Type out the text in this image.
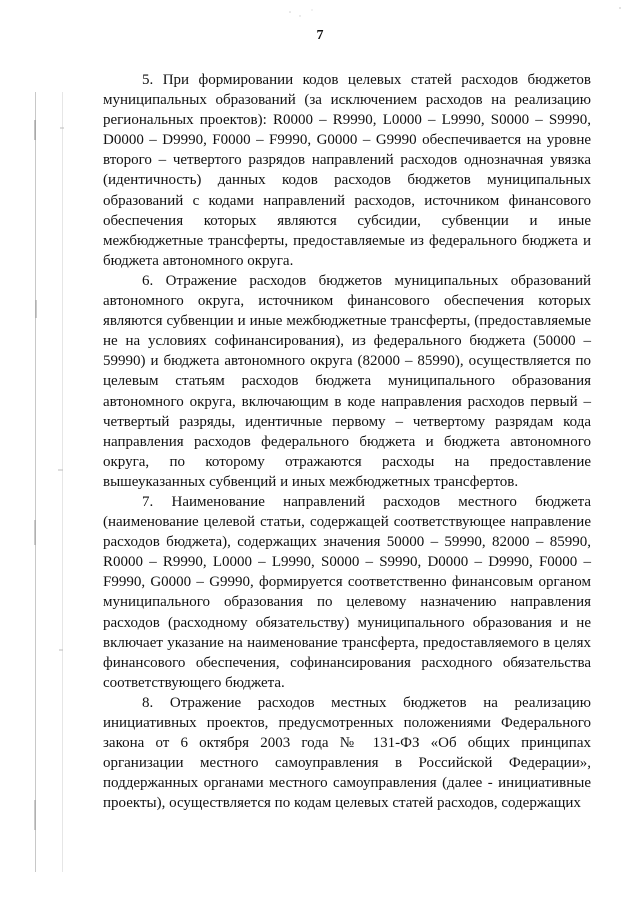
7

5. При формировании кодов целевых статей расходов бюджетов муниципальных образований (за исключением расходов на реализацию региональных проектов): R0000 – R9990, L0000 – L9990, S0000 – S9990, D0000 – D9990, F0000 – F9990, G0000 – G9990 обеспечивается на уровне второго – четвертого разрядов направлений расходов однозначная увязка (идентичность) данных кодов расходов бюджетов муниципальных образований с кодами направлений расходов, источником финансового обеспечения которых являются субсидии, субвенции и иные межбюджетные трансферты, предоставляемые из федерального бюджета и бюджета автономного округа.

6. Отражение расходов бюджетов муниципальных образований автономного округа, источником финансового обеспечения которых являются субвенции и иные межбюджетные трансферты, (предоставляемые не на условиях софинансирования), из федерального бюджета (50000 – 59990) и бюджета автономного округа (82000 – 85990), осуществляется по целевым статьям расходов бюджета муниципального образования автономного округа, включающим в коде направления расходов первый – четвертый разряды, идентичные первому – четвертому разрядам кода направления расходов федерального бюджета и бюджета автономного округа, по которому отражаются расходы на предоставление вышеуказанных субвенций и иных межбюджетных трансфертов.

7. Наименование направлений расходов местного бюджета (наименование целевой статьи, содержащей соответствующее направление расходов бюджета), содержащих значения 50000 – 59990, 82000 – 85990, R0000 – R9990, L0000 – L9990, S0000 – S9990, D0000 – D9990, F0000 – F9990, G0000 – G9990, формируется соответственно финансовым органом муниципального образования по целевому назначению направления расходов (расходному обязательству) муниципального образования и не включает указание на наименование трансферта, предоставляемого в целях финансового обеспечения, софинансирования расходного обязательства соответствующего бюджета.

8. Отражение расходов местных бюджетов на реализацию инициативных проектов, предусмотренных положениями Федерального закона от 6 октября 2003 года № 131-ФЗ «Об общих принципах организации местного самоуправления в Российской Федерации», поддержанных органами местного самоуправления (далее - инициативные проекты), осуществляется по кодам целевых статей расходов, содержащих
